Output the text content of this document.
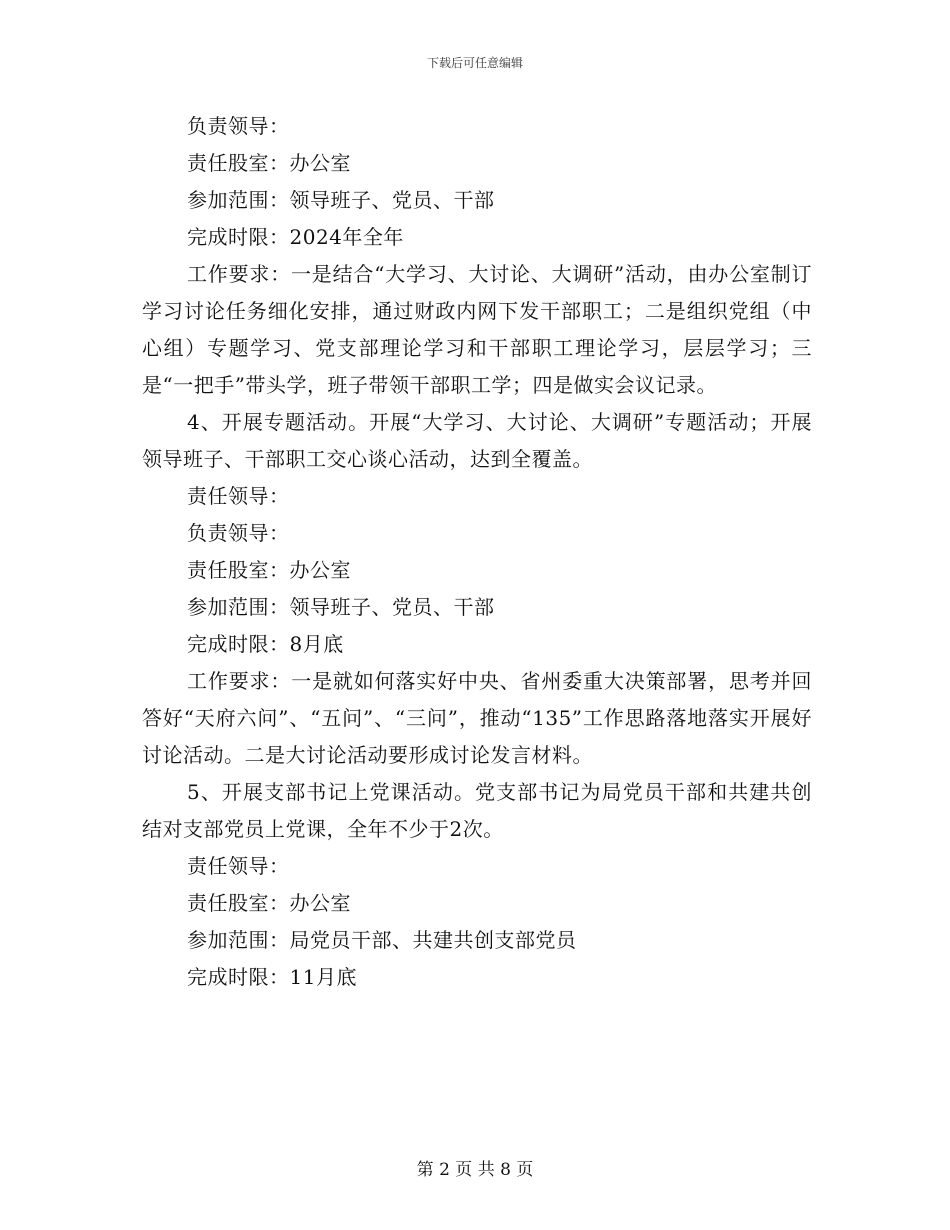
下载后可任意编辑

负责领导：

责任股室：办公室

参加范围：领导班子、党员、干部

完成时限：2024年全年

工作要求：一是结合“大学习、大讨论、大调研”活动，由办公室制订学习讨论任务细化安排，通过财政内网下发干部职工；二是组织党组（中心组）专题学习、党支部理论学习和干部职工理论学习，层层学习；三是“一把手”带头学，班子带领干部职工学；四是做实会议记录。

4、开展专题活动。开展“大学习、大讨论、大调研”专题活动；开展领导班子、干部职工交心谈心活动，达到全覆盖。

责任领导：

负责领导：

责任股室：办公室

参加范围：领导班子、党员、干部

完成时限：8月底

工作要求：一是就如何落实好中央、省州委重大决策部署，思考并回答好“天府六问”、“五问”、“三问”，推动“135”工作思路落地落实开展好讨论活动。二是大讨论活动要形成讨论发言材料。

5、开展支部书记上党课活动。党支部书记为局党员干部和共建共创结对支部党员上党课，全年不少于2次。

责任领导：

责任股室：办公室

参加范围：局党员干部、共建共创支部党员

完成时限：11月底

第 2 页 共 8 页
